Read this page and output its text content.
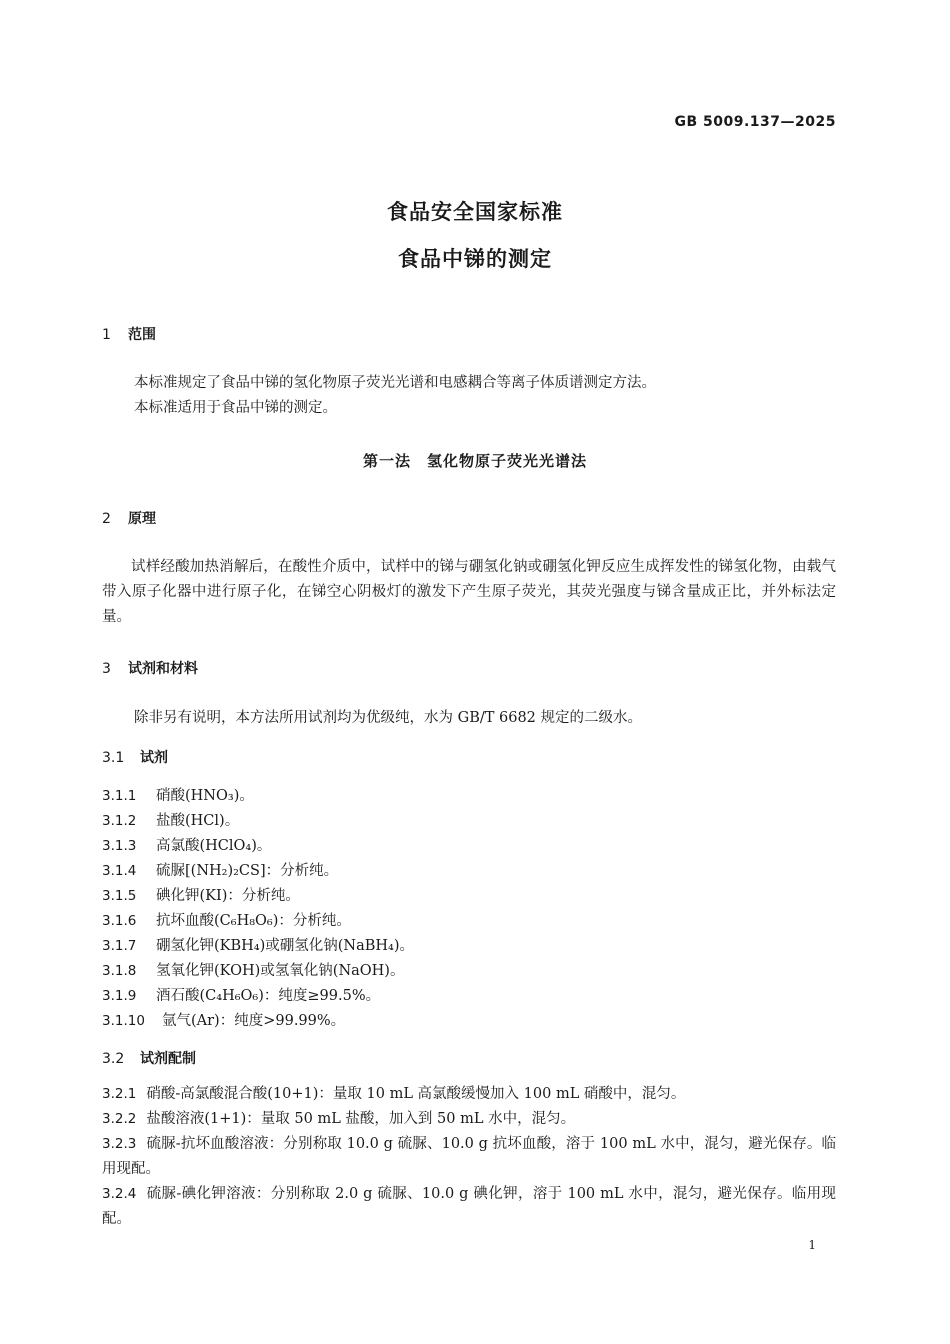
GB 5009.137—2025
食品安全国家标准
食品中锑的测定
1 范围
本标准规定了食品中锑的氢化物原子荧光光谱和电感耦合等离子体质谱测定方法。
本标准适用于食品中锑的测定。
第一法　氢化物原子荧光光谱法
2 原理
试样经酸加热消解后，在酸性介质中，试样中的锑与硼氢化钠或硼氢化钾反应生成挥发性的锑氢化物，由载气带入原子化器中进行原子化，在锑空心阴极灯的激发下产生原子荧光，其荧光强度与锑含量成正比，并外标法定量。
3 试剂和材料
除非另有说明，本方法所用试剂均为优级纯，水为 GB/T 6682 规定的二级水。
3.1 试剂
3.1.1 硝酸(HNO₃)。
3.1.2 盐酸(HCl)。
3.1.3 高氯酸(HClO₄)。
3.1.4 硫脲[(NH₂)₂CS]：分析纯。
3.1.5 碘化钾(KI)：分析纯。
3.1.6 抗坏血酸(C₆H₈O₆)：分析纯。
3.1.7 硼氢化钾(KBH₄)或硼氢化钠(NaBH₄)。
3.1.8 氢氧化钾(KOH)或氢氧化钠(NaOH)。
3.1.9 酒石酸(C₄H₆O₆)：纯度≥99.5%。
3.1.10 氩气(Ar)：纯度>99.99%。
3.2 试剂配制
3.2.1 硝酸-高氯酸混合酸(10+1)：量取 10 mL 高氯酸缓慢加入 100 mL 硝酸中，混匀。
3.2.2 盐酸溶液(1+1)：量取 50 mL 盐酸，加入到 50 mL 水中，混匀。
3.2.3 硫脲-抗坏血酸溶液：分别称取 10.0 g 硫脲、10.0 g 抗坏血酸，溶于 100 mL 水中，混匀，避光保存。临用现配。
3.2.4 硫脲-碘化钾溶液：分别称取 2.0 g 硫脲、10.0 g 碘化钾，溶于 100 mL 水中，混匀，避光保存。临用现配。
1
